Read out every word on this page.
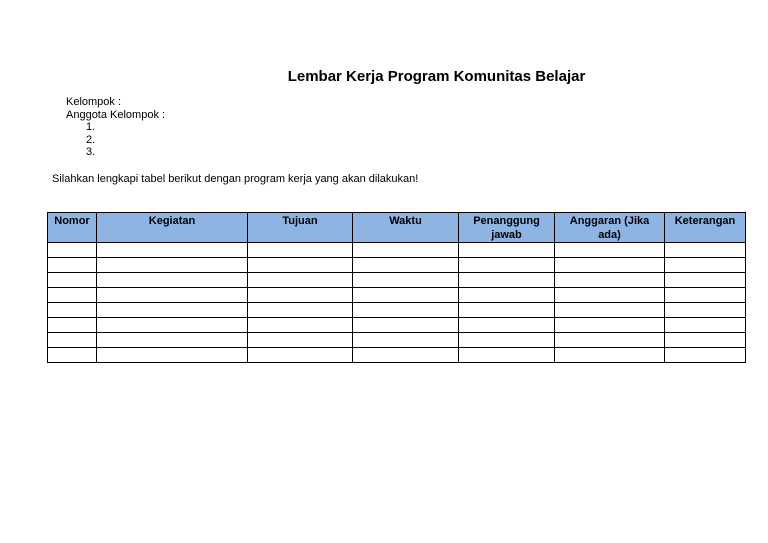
Lembar Kerja Program Komunitas Belajar
Kelompok :
Anggota Kelompok :
1.
2.
3.
Silahkan lengkapi tabel berikut dengan program kerja yang akan dilakukan!
Nomor	Kegiatan	Tujuan	Waktu	Penanggung jawab	Anggaran (Jika ada)	Keterangan
